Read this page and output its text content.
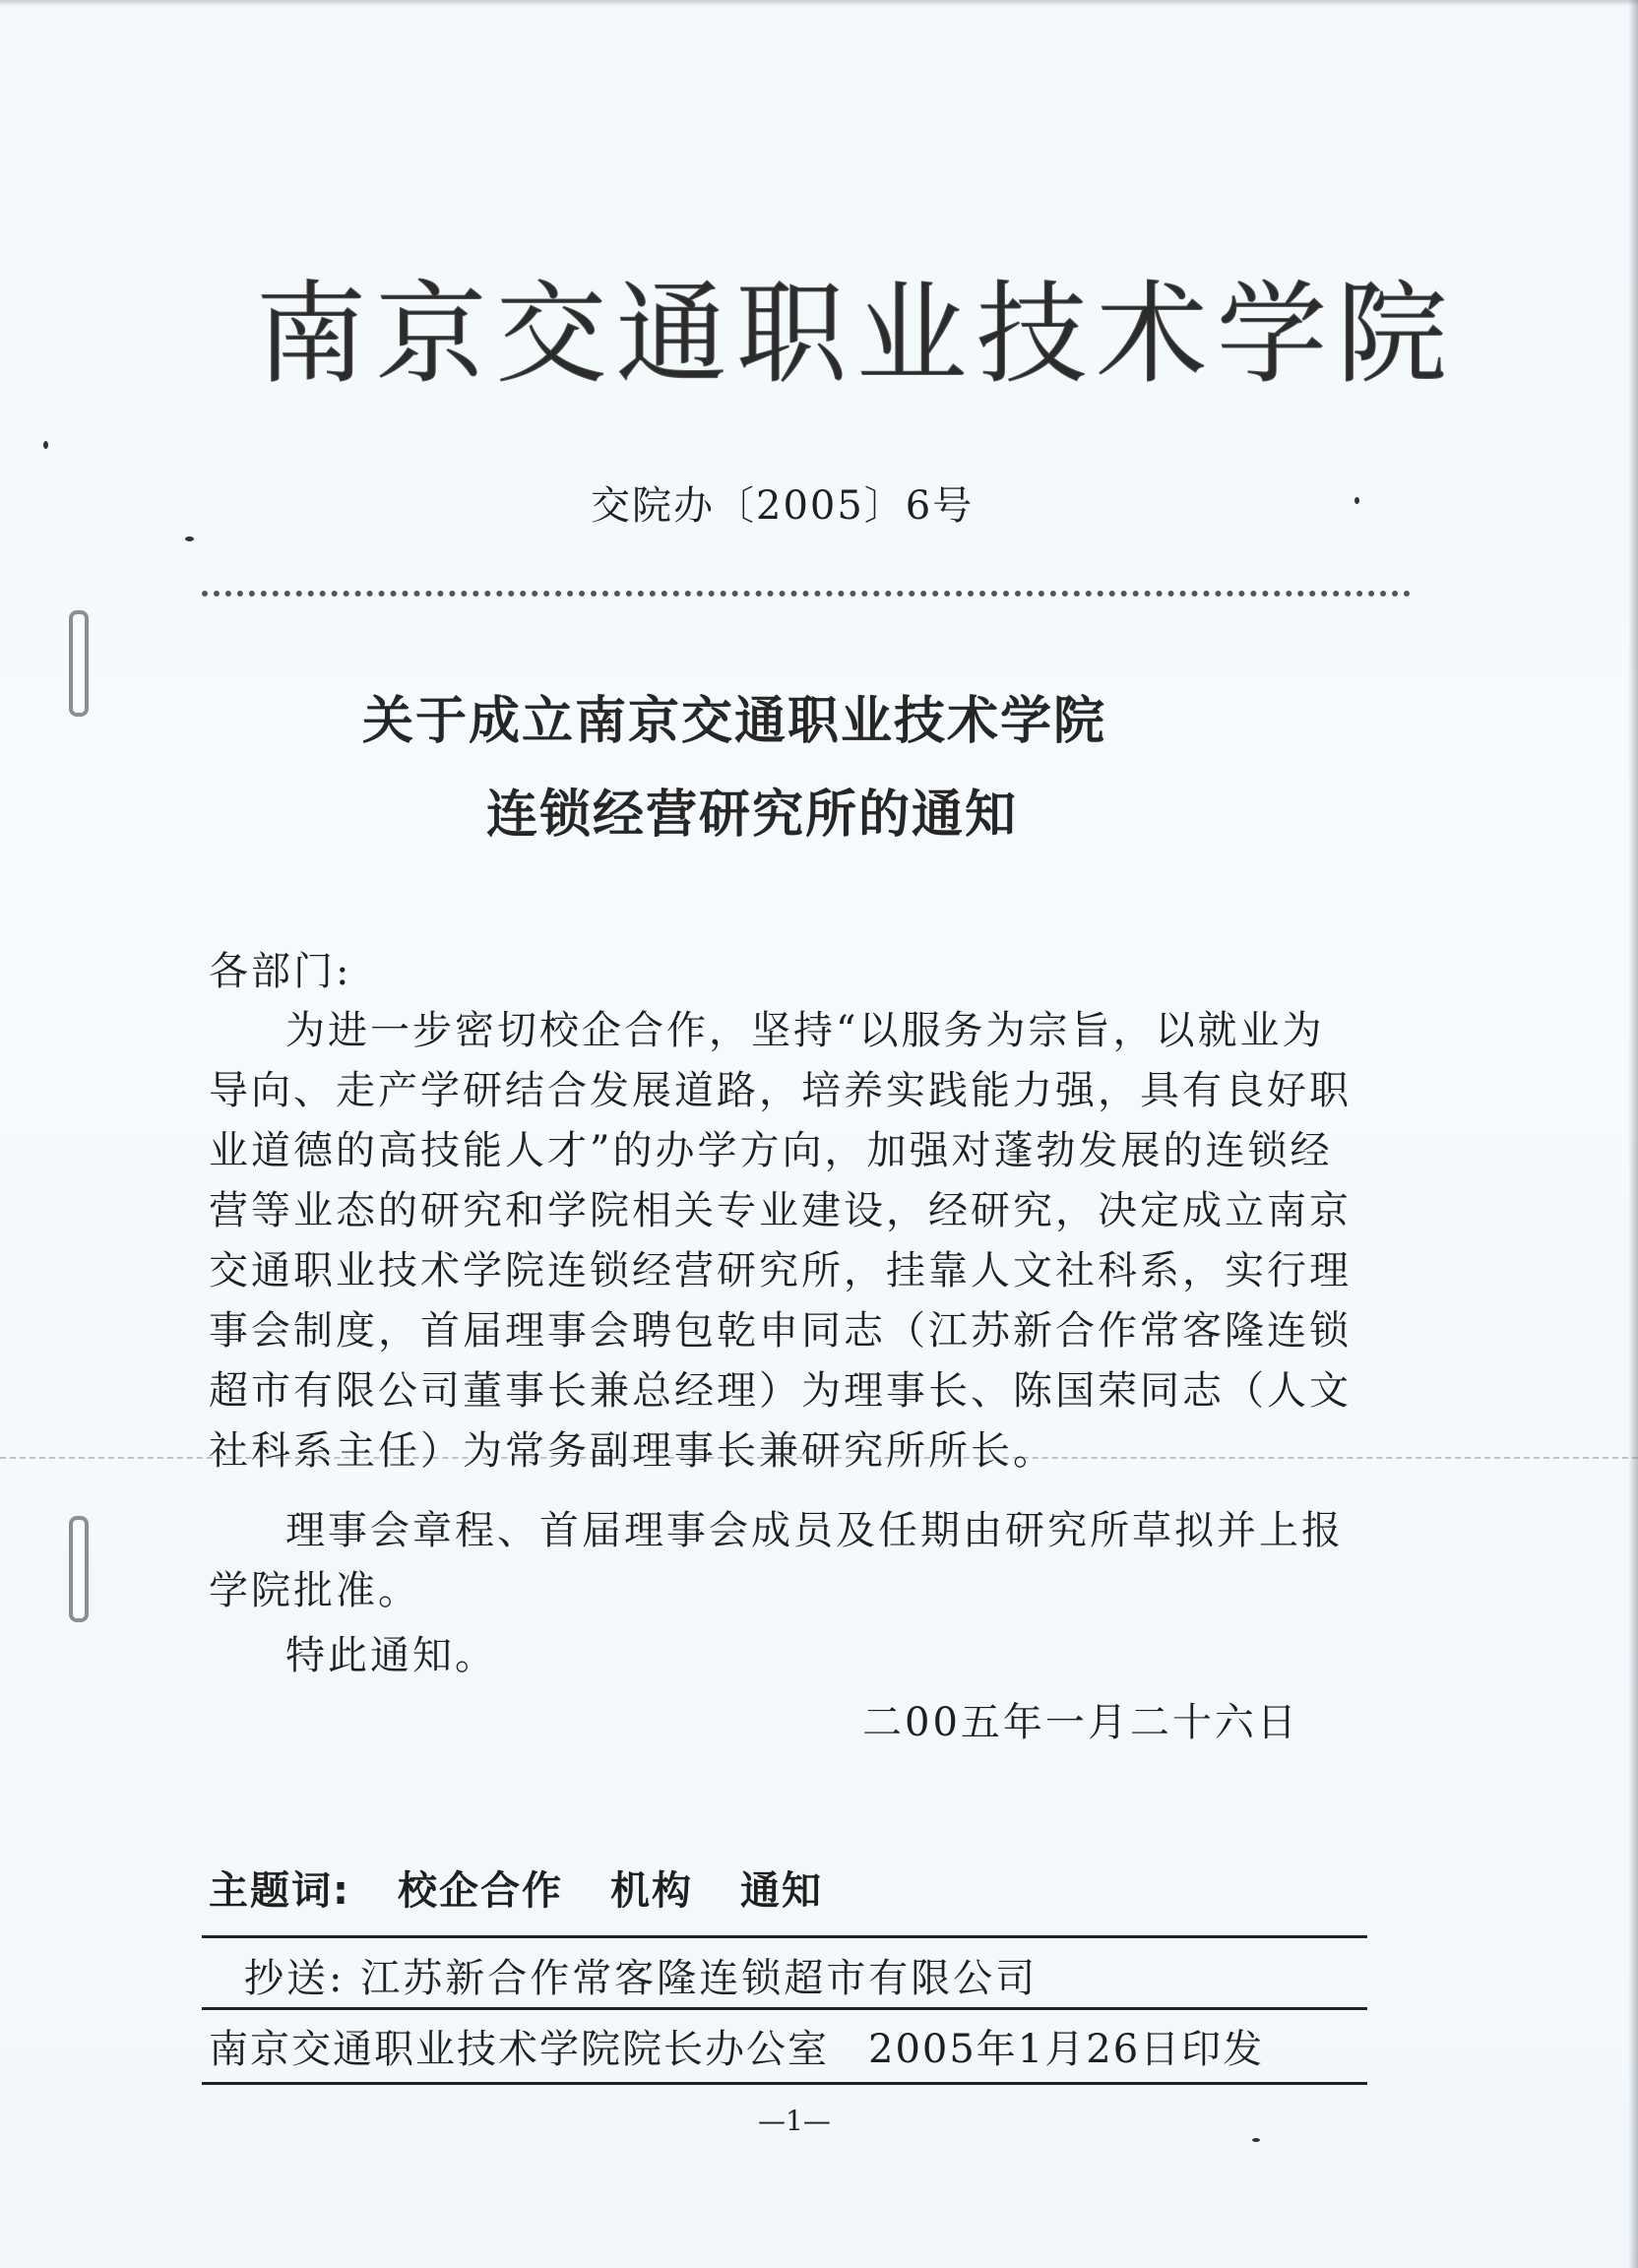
南京交通职业技术学院

交院办〔2005〕6号

关于成立南京交通职业技术学院
连锁经营研究所的通知

各部门:

为进一步密切校企合作，坚持“以服务为宗旨，以就业为

导向、走产学研结合发展道路，培养实践能力强，具有良好职

业道德的高技能人才”的办学方向，加强对蓬勃发展的连锁经

营等业态的研究和学院相关专业建设，经研究，决定成立南京

交通职业技术学院连锁经营研究所，挂靠人文社科系，实行理

事会制度，首届理事会聘包乾申同志（江苏新合作常客隆连锁

超市有限公司董事长兼总经理）为理事长、陈国荣同志（人文

社科系主任）为常务副理事长兼研究所所长。

理事会章程、首届理事会成员及任期由研究所草拟并上报

学院批准。

特此通知。

二00五年一月二十六日

主题词: 校企合作 机构 通知

抄送: 江苏新合作常客隆连锁超市有限公司

南京交通职业技术学院院长办公室 2005年1月26日印发

—1—
